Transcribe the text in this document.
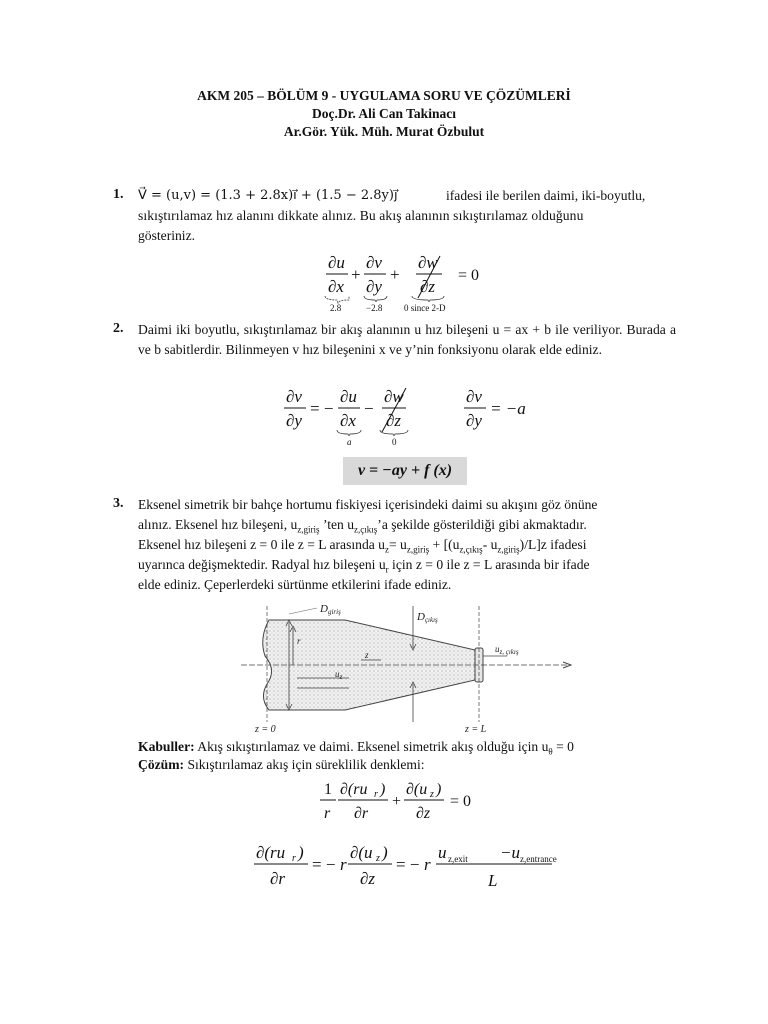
AKM 205 – BÖLÜM 9 - UYGULAMA SORU VE ÇÖZÜMLERİ
Doç.Dr. Ali Can Takinacı
Ar.Gör. Yük. Müh. Murat Özbulut
1. V⃗ = (u,v) = (1.3 + 2.8x)i⃗ + (1.5 − 2.8y)j⃗	ifadesi ile berilen daimi, iki-boyutlu,
sıkıştırılamaz hız alanını dikkate alınız. Bu akış alanının sıkıştırılamaz olduğunu
gösteriniz.
∂u
∂x
+
∂v
∂y
+
∂w
∂z
= 0
2.8	−2.8 0 since 2-D
2. Daimi iki boyutlu, sıkıştırılamaz bir akış alanının u hız bileşeni u = ax + b ile veriliyor. Burada a ve b sabitlerdir. Bilinmeyen v hız bileşenini x ve y’nin fonksiyonu olarak elde ediniz.
∂v
∂y
= −
∂u
∂x
−
∂w
∂z
∂v
∂y
a	0
= −a
v = −ay + f (x)
3. Eksenel simetrik bir bahçe hortumu fiskiyesi içerisindeki daimi su akışını göz önüne
alınız. Eksenel hız bileşeni, $u_{z,giriş}$ ’ten $u_{z,çıkış}’a$ şekilde gösterildiği gibi akmaktadır.
Eksenel hız bileşeni z = 0 ile z = L arasında $u_z= u_{z,giriş} + [(u_{z,çıkış}-$ $u_{z,giriş})/L]z$ ifadesi
uyarınca değişmektedir. Radyal hız bileşeni $u_r$ için z = 0 ile z = L arasında bir ifade
elde ediniz. Çeperlerdeki sürtünme etkilerini ifade ediniz.
r
z
$u_z$
Dgiriş	Dçıkış
$u_{z, çıkış}$
z = 0	z = L
Kabuller: Akış sıkıştırılamaz ve daimi. Eksenel simetrik akış olduğu için $u_\theta = 0$
Çözüm: Sıkıştırılamaz akış için süreklilik denklemi:
1
r
∂(ru r )
∂r
+
∂(u z )
∂z
= 0
∂(ru r )
∂r
= − r
∂(u z )
∂z
= − r
u	−u
z,exit	z,entrance
L
